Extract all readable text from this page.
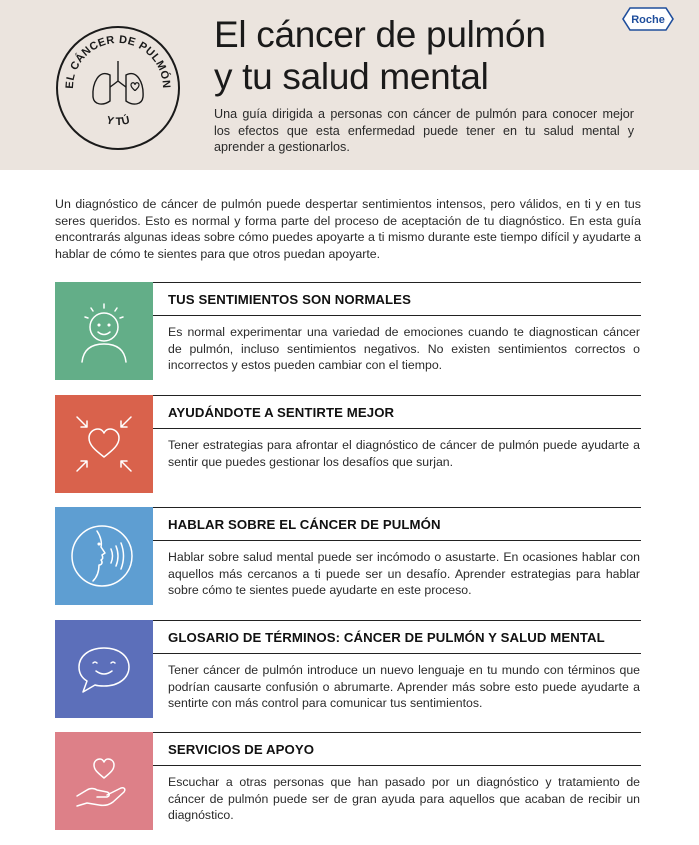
EL CÁNCER DE PULMÓN
Y TÚ
El cáncer de pulmón
y tu salud mental

Una guía dirigida a personas con cáncer de pulmón para conocer mejor los efectos que esta enfermedad puede tener en tu salud mental y aprender a gestionarlos.

Roche

Un diagnóstico de cáncer de pulmón puede despertar sentimientos intensos, pero válidos, en ti y en tus seres queridos. Esto es normal y forma parte del proceso de aceptación de tu diagnóstico. En esta guía encontrarás algunas ideas sobre cómo puedes apoyarte a ti mismo durante este tiempo difícil y ayudarte a hablar de cómo te sientes para que otros puedan apoyarte.

TUS SENTIMIENTOS SON NORMALES

Es normal experimentar una variedad de emociones cuando te diagnostican cáncer de pulmón, incluso sentimientos negativos. No existen sentimientos correctos o incorrectos y estos pueden cambiar con el tiempo.

AYUDÁNDOTE A SENTIRTE MEJOR

Tener estrategias para afrontar el diagnóstico de cáncer de pulmón puede ayudarte a sentir que puedes gestionar los desafíos que surjan.

HABLAR SOBRE EL CÁNCER DE PULMÓN

Hablar sobre salud mental puede ser incómodo o asustarte. En ocasiones hablar con aquellos más cercanos a ti puede ser un desafío. Aprender estrategias para hablar sobre cómo te sientes puede ayudarte en este proceso.

GLOSARIO DE TÉRMINOS: CÁNCER DE PULMÓN Y SALUD MENTAL

Tener cáncer de pulmón introduce un nuevo lenguaje en tu mundo con términos que podrían causarte confusión o abrumarte. Aprender más sobre esto puede ayudarte a sentirte con más control para comunicar tus sentimientos.

SERVICIOS DE APOYO

Escuchar a otras personas que han pasado por un diagnóstico y tratamiento de cáncer de pulmón puede ser de gran ayuda para aquellos que acaban de recibir un diagnóstico.
